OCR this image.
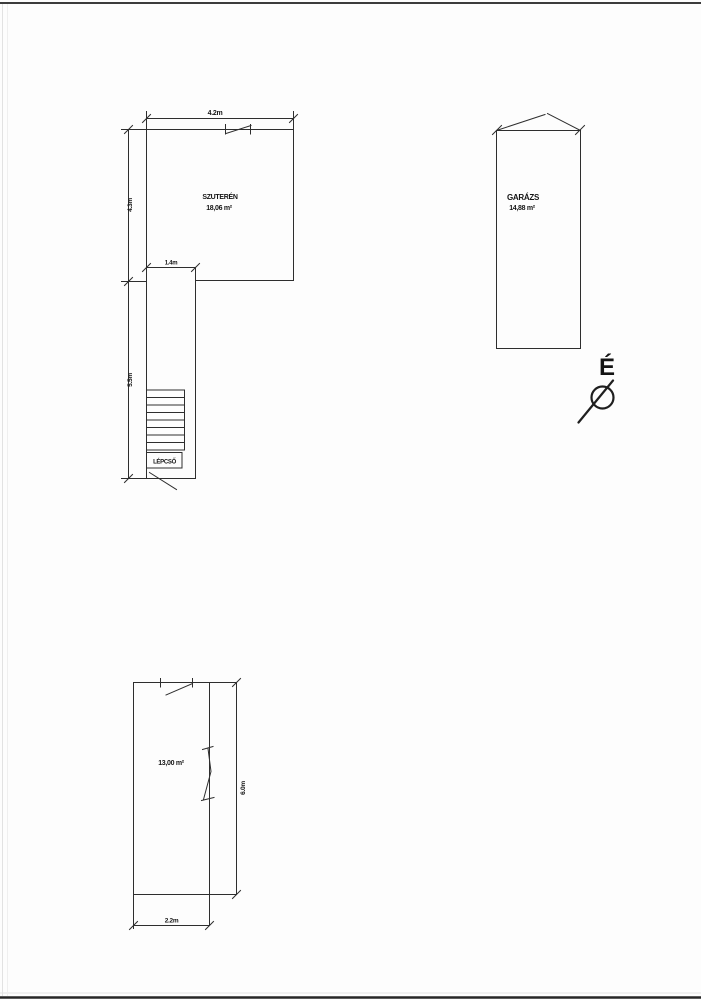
SZUTERÉN
18,06 m²
LÉPCSŐ
4.2m
4.3m
1.4m
5.5m
GARÁZS
14,88 m²
É
13,00 m²
6.0m
2.2m
